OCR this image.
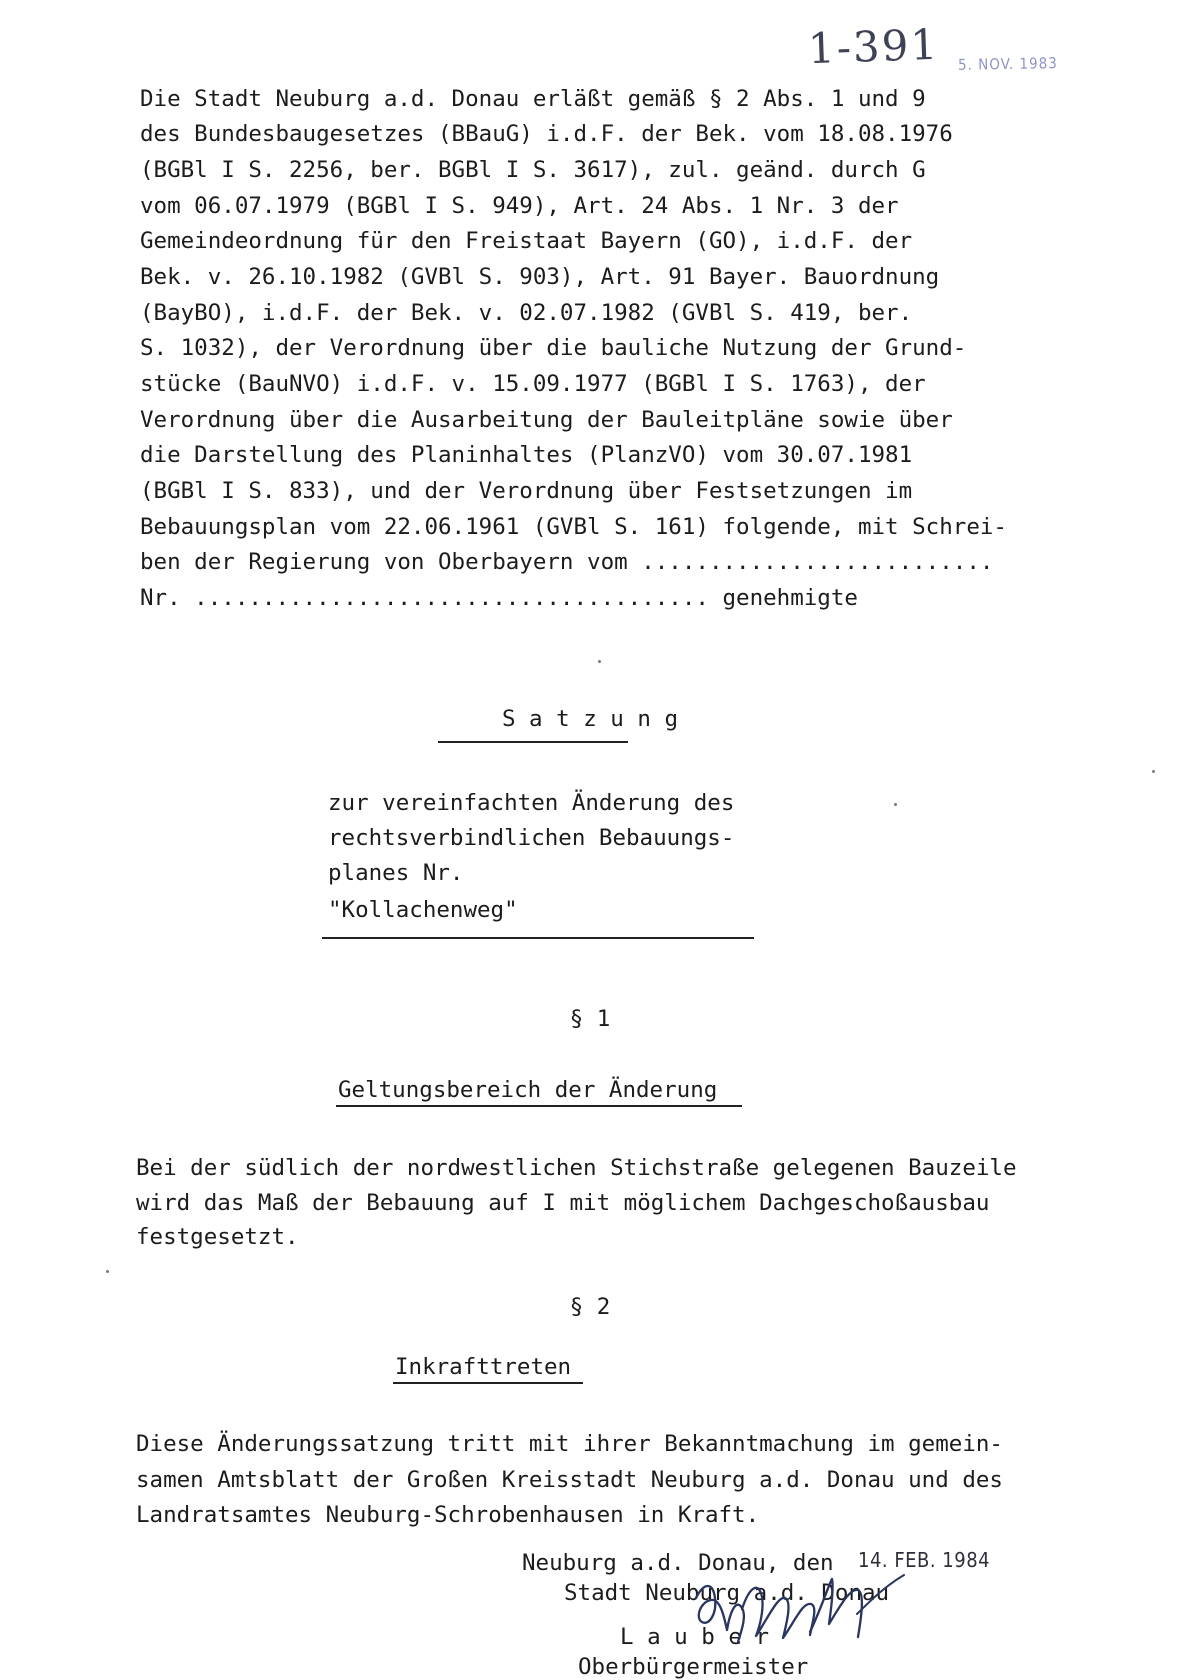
1-391 5. NOV. 1983
Die Stadt Neuburg a.d. Donau erläßt gemäß § 2 Abs. 1 und 9
des Bundesbaugesetzes (BBauG) i.d.F. der Bek. vom 18.08.1976
(BGBl I S. 2256, ber. BGBl I S. 3617), zul. geänd. durch G
vom 06.07.1979 (BGBl I S. 949), Art. 24 Abs. 1 Nr. 3 der
Gemeindeordnung für den Freistaat Bayern (GO), i.d.F. der
Bek. v. 26.10.1982 (GVBl S. 903), Art. 91 Bayer. Bauordnung
(BayBO), i.d.F. der Bek. v. 02.07.1982 (GVBl S. 419, ber.
S. 1032), der Verordnung über die bauliche Nutzung der Grund-
stücke (BauNVO) i.d.F. v. 15.09.1977 (BGBl I S. 1763), der
Verordnung über die Ausarbeitung der Bauleitpläne sowie über
die Darstellung des Planinhaltes (PlanzVO) vom 30.07.1981
(BGBl I S. 833), und der Verordnung über Festsetzungen im
Bebauungsplan vom 22.06.1961 (GVBl S. 161) folgende, mit Schrei-
ben der Regierung von Oberbayern vom ..........................
Nr. ...................................... genehmigte
S a t z u n g
zur vereinfachten Änderung des
rechtsverbindlichen Bebauungs-
planes Nr.
"Kollachenweg"
§ 1
Geltungsbereich der Änderung
Bei der südlich der nordwestlichen Stichstraße gelegenen Bauzeile
wird das Maß der Bebauung auf I mit möglichem Dachgeschoßausbau
festgesetzt.
§ 2
Inkrafttreten
Diese Änderungssatzung tritt mit ihrer Bekanntmachung im gemein-
samen Amtsblatt der Großen Kreisstadt Neuburg a.d. Donau und des
Landratsamtes Neuburg-Schrobenhausen in Kraft.
Neuburg a.d. Donau, den 14. FEB. 1984
Stadt Neuburg a.d. Donau
L a u b e r
Oberbürgermeister
